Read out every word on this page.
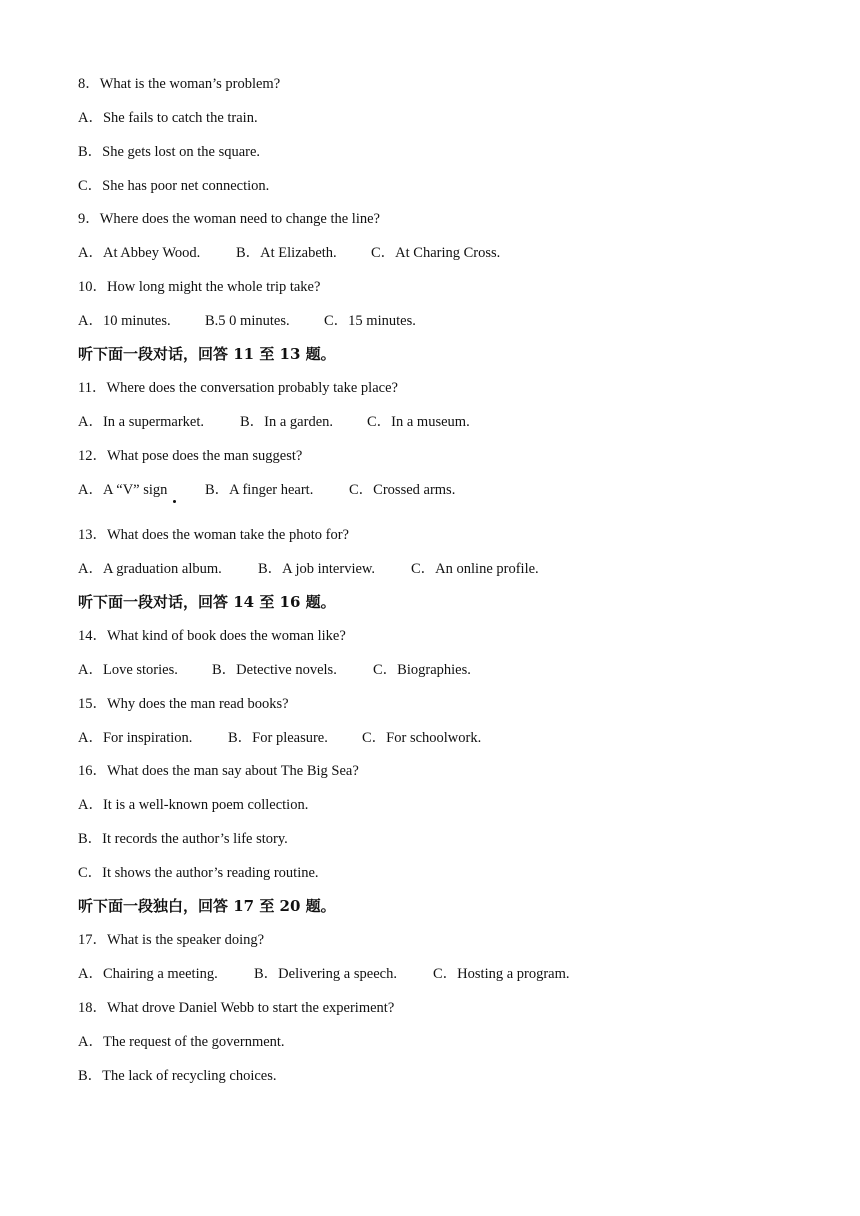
8．What is the woman’s problem?
A．She fails to catch the train.
B．She gets lost on the square.
C．She has poor net connection.
9．Where does the woman need to change the line?
A．At Abbey Wood. B．At Elizabeth. C．At Charing Cross.
10．How long might the whole trip take?
A．10 minutes. B.5 0 minutes. C．15 minutes.
听下面一段对话，回答 11 至 13 题。
11．Where does the conversation probably take place?
A．In a supermarket. B．In a garden. C．In a museum.
12．What pose does the man suggest?
A．A “V” sign	B．A finger heart. C．Crossed arms.
13．What does the woman take the photo for?
A．A graduation album. B．A job interview. C．An online profile.
听下面一段对话，回答 14 至 16 题。
14．What kind of book does the woman like?
A．Love stories. B．Detective novels. C．Biographies.
15．Why does the man read books?
A．For inspiration. B．For pleasure. C．For schoolwork.
16．What does the man say about The Big Sea?
A．It is a well-known poem collection.
B．It records the author’s life story.
C．It shows the author’s reading routine.
听下面一段独白，回答 17 至 20 题。
17．What is the speaker doing?
A．Chairing a meeting.	B．Delivering a speech. C．Hosting a program.
18．What drove Daniel Webb to start the experiment?
A．The request of the government.
B．The lack of recycling choices.
